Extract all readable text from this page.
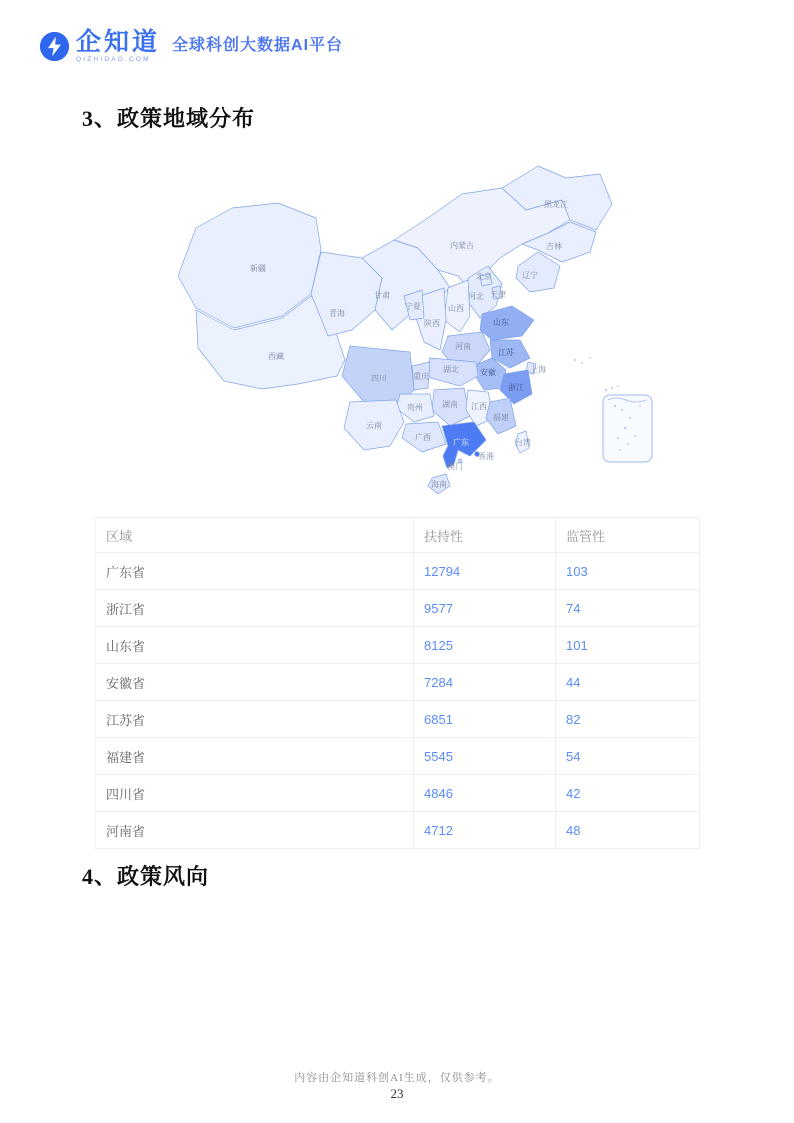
企知道
QIZHIDAO.COM
全球科创大数据AI平台
3、政策地域分布
新疆
西藏
青海
甘肃
内蒙古
黑龙江
吉林
辽宁
河北
北京
天津
山西
山东
河南
陕西
宁夏
江苏
安徽	上海
浙江
湖北
重庆
四川
湖南 江西
福建
贵州
云南
广西
广东
海南
台湾
香港
澳门
区域	扶持性	监管性
广东省	12794	103
浙江省	9577	74
山东省	8125	101
安徽省	7284	44
江苏省	6851	82
福建省	5545	54
四川省	4846	42
河南省	4712	48
4、政策风向
内容由企知道科创AI生成，仅供参考。
23
